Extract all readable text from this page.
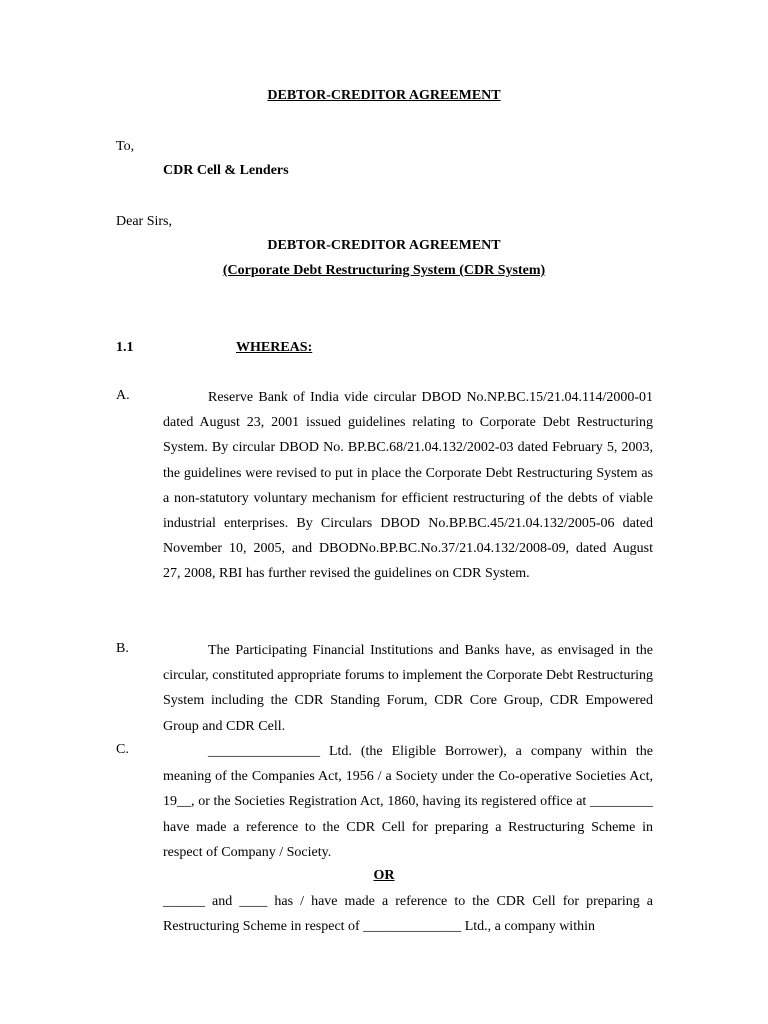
DEBTOR-CREDITOR AGREEMENT
To,
CDR Cell & Lenders
Dear Sirs,
DEBTOR-CREDITOR AGREEMENT
(Corporate Debt Restructuring System (CDR System)
1.1	WHEREAS:
A.	Reserve Bank of India vide circular DBOD No.NP.BC.15/21.04.114/2000-01 dated August 23, 2001 issued guidelines relating to Corporate Debt Restructuring System. By circular DBOD No. BP.BC.68/21.04.132/2002-03 dated February 5, 2003, the guidelines were revised to put in place the Corporate Debt Restructuring System as a non-statutory voluntary mechanism for efficient restructuring of the debts of viable industrial enterprises. By Circulars DBOD No.BP.BC.45/21.04.132/2005-06 dated November 10, 2005, and DBODNo.BP.BC.No.37/21.04.132/2008-09, dated August 27, 2008, RBI has further revised the guidelines on CDR System.
B.	The Participating Financial Institutions and Banks have, as envisaged in the circular, constituted appropriate forums to implement the Corporate Debt Restructuring System including the CDR Standing Forum, CDR Core Group, CDR Empowered Group and CDR Cell.
C.	________________ Ltd. (the Eligible Borrower), a company within the meaning of the Companies Act, 1956 / a Society under the Co-operative Societies Act, 19__, or the Societies Registration Act, 1860, having its registered office at _________ have made a reference to the CDR Cell for preparing a Restructuring Scheme in respect of Company / Society.
OR
______ and ____ has / have made a reference to the CDR Cell for preparing a Restructuring Scheme in respect of ______________ Ltd., a company within
